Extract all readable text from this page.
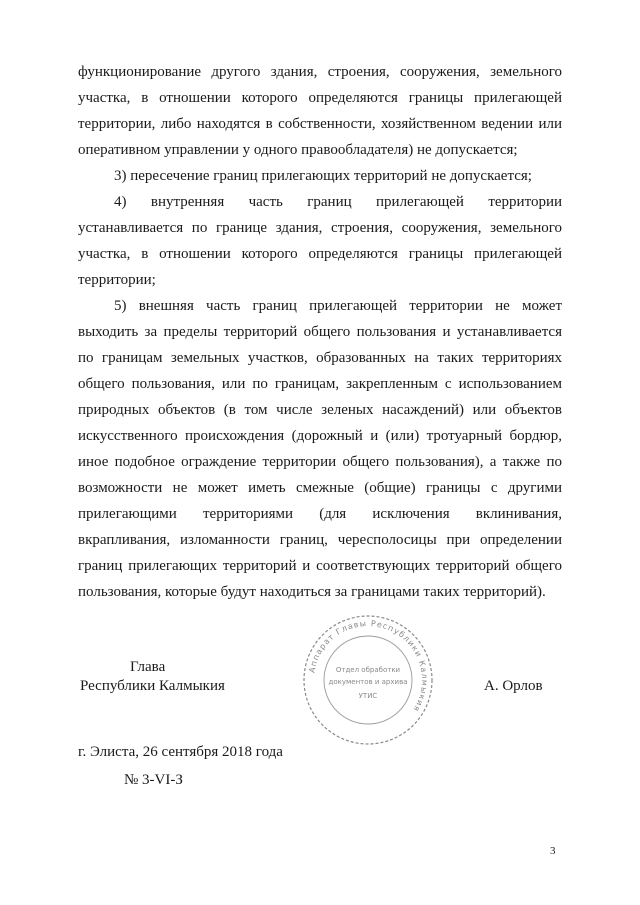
функционирование другого здания, строения, сооружения, земельного
участка, в отношении которого определяются границы прилегающей
территории, либо находятся в собственности, хозяйственном ведении или
оперативном управлении у одного правообладателя) не допускается;
3) пересечение границ прилегающих территорий не допускается;
4) внутренняя часть границ прилегающей территории
устанавливается по границе здания, строения, сооружения, земельного
участка, в отношении которого определяются границы прилегающей
территории;
5) внешняя часть границ прилегающей территории не может
выходить за пределы территорий общего пользования и устанавливается
по границам земельных участков, образованных на таких территориях
общего пользования, или по границам, закрепленным с использованием
природных объектов (в том числе зеленых насаждений) или объектов
искусственного происхождения (дорожный и (или) тротуарный бордюр,
иное подобное ограждение территории общего пользования), а также по
возможности не может иметь смежные (общие) границы с другими
прилегающими территориями (для исключения вклинивания,
вкрапливания, изломанности границ, чересполосицы при определении
границ прилегающих территорий и соответствующих территорий общего
пользования, которые будут находиться за границами таких территорий).
Глава
Республики Калмыкия	А. Орлов
Аппарат Главы Республики Калмыкия
Отдел обработки
документов и архива
УТИС
г. Элиста, 26 сентября 2018 года
№ 3-VI-З
3
